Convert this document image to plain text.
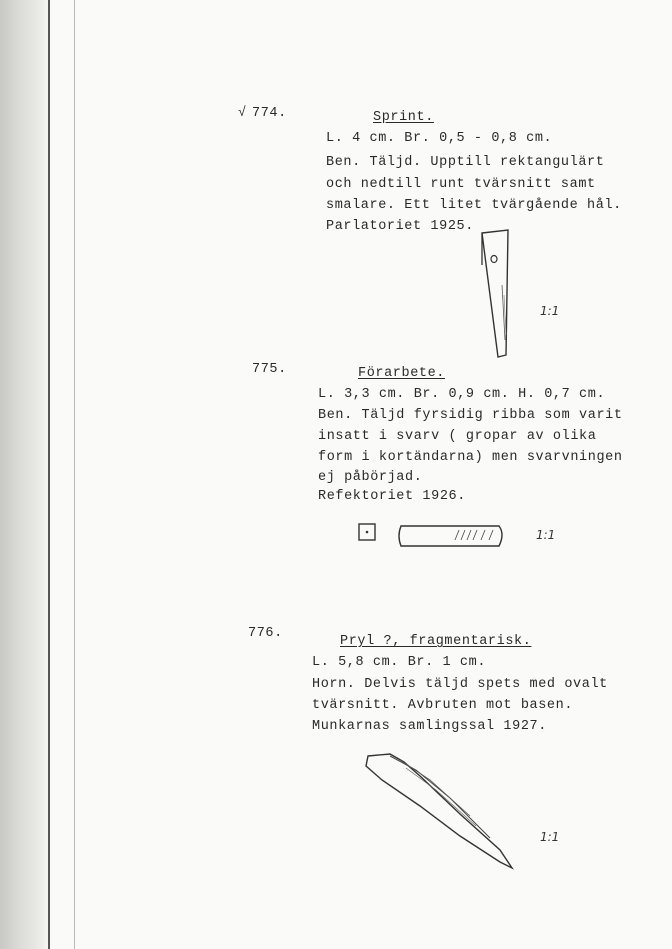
√ 774.	Sprint.
L. 4 cm. Br. 0,5 - 0,8 cm.
Ben. Täljd. Upptill rektangulärt
och nedtill runt tvärsnitt samt
smalare. Ett litet tvärgående hål.
Parlatoriet 1925.
1:1
775.	Förarbete.
L. 3,3 cm. Br. 0,9 cm. H. 0,7 cm.
Ben. Täljd fyrsidig ribba som varit
insatt i svarv ( gropar av olika
form i kortändarna) men svarvningen
ej påbörjad.
Refektoriet 1926.
1:1
776.
Pryl ?, fragmentarisk.
L. 5,8 cm. Br. 1 cm.
Horn. Delvis täljd spets med ovalt
tvärsnitt. Avbruten mot basen.
Munkarnas samlingssal 1927.
1:1
